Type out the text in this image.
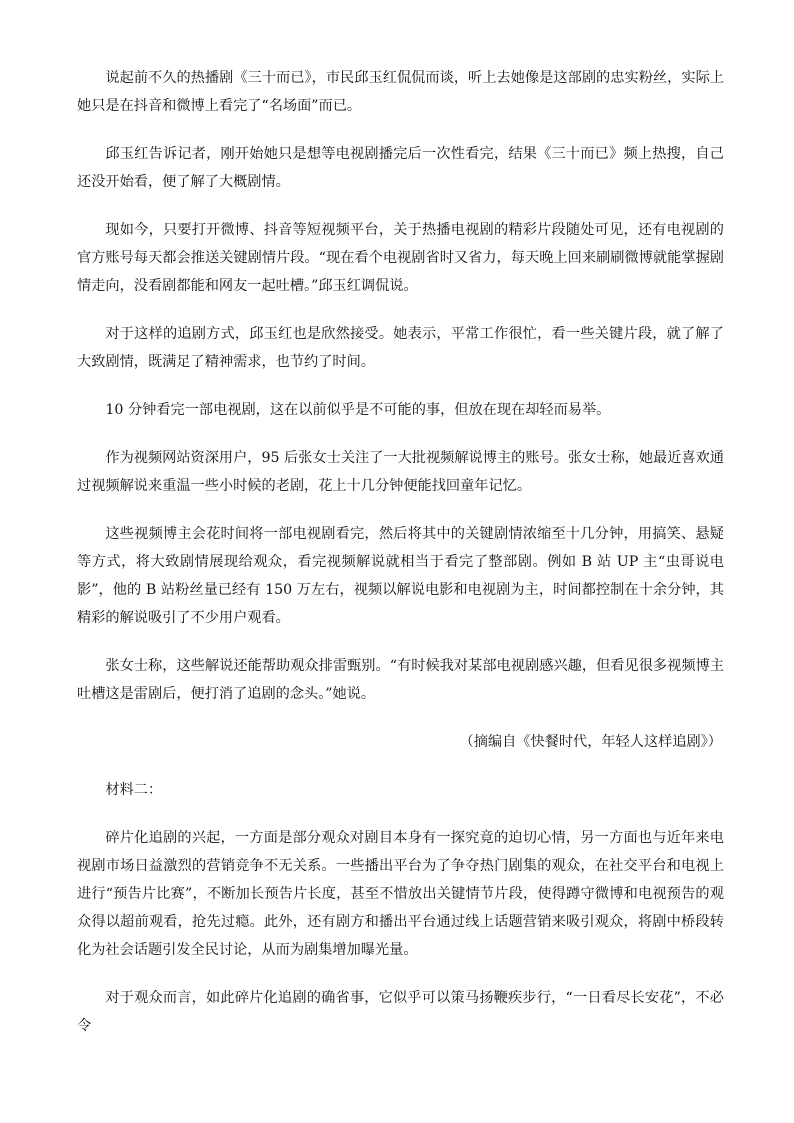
说起前不久的热播剧《三十而已》，市民邱玉红侃侃而谈，听上去她像是这部剧的忠实粉丝，实际上她只是在抖音和微博上看完了“名场面”而已。

邱玉红告诉记者，刚开始她只是想等电视剧播完后一次性看完，结果《三十而已》频上热搜，自己还没开始看，便了解了大概剧情。

现如今，只要打开微博、抖音等短视频平台，关于热播电视剧的精彩片段随处可见，还有电视剧的官方账号每天都会推送关键剧情片段。“现在看个电视剧省时又省力，每天晚上回来刷刷微博就能掌握剧情走向，没看剧都能和网友一起吐槽。”邱玉红调侃说。

对于这样的追剧方式，邱玉红也是欣然接受。她表示，平常工作很忙，看一些关键片段，就了解了大致剧情，既满足了精神需求，也节约了时间。

10 分钟看完一部电视剧，这在以前似乎是不可能的事，但放在现在却轻而易举。

作为视频网站资深用户，95 后张女士关注了一大批视频解说博主的账号。张女士称，她最近喜欢通过视频解说来重温一些小时候的老剧，花上十几分钟便能找回童年记忆。

这些视频博主会花时间将一部电视剧看完，然后将其中的关键剧情浓缩至十几分钟，用搞笑、悬疑等方式，将大致剧情展现给观众，看完视频解说就相当于看完了整部剧。例如 B 站 UP 主“虫哥说电影”，他的 B 站粉丝量已经有 150 万左右，视频以解说电影和电视剧为主，时间都控制在十余分钟，其精彩的解说吸引了不少用户观看。

张女士称，这些解说还能帮助观众排雷甄别。“有时候我对某部电视剧感兴趣，但看见很多视频博主吐槽这是雷剧后，便打消了追剧的念头。”她说。

（摘编自《快餐时代，年轻人这样追剧》）

材料二：

碎片化追剧的兴起，一方面是部分观众对剧目本身有一探究竟的迫切心情，另一方面也与近年来电视剧市场日益激烈的营销竞争不无关系。一些播出平台为了争夺热门剧集的观众，在社交平台和电视上进行“预告片比赛”，不断加长预告片长度，甚至不惜放出关键情节片段，使得蹲守微博和电视预告的观众得以超前观看，抢先过瘾。此外，还有剧方和播出平台通过线上话题营销来吸引观众，将剧中桥段转化为社会话题引发全民讨论，从而为剧集增加曝光量。

对于观众而言，如此碎片化追剧的确省事，它似乎可以策马扬鞭疾步行，“一日看尽长安花”，不必令
